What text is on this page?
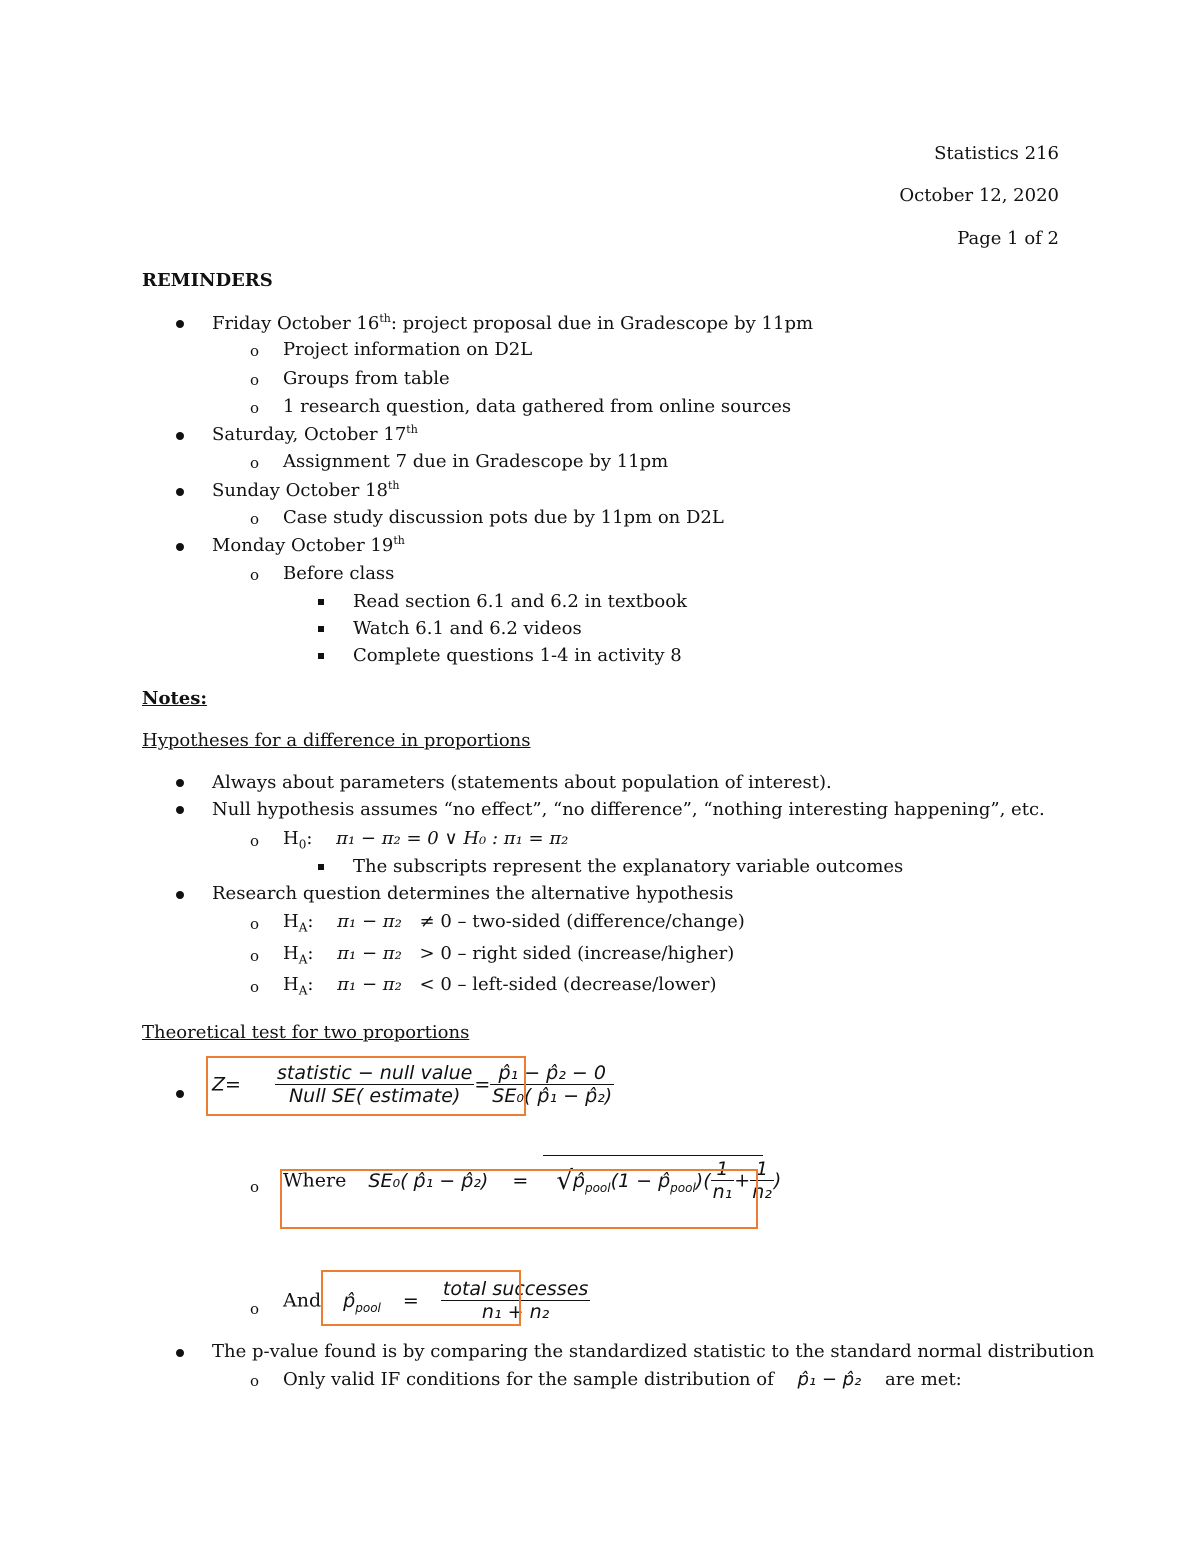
Statistics 216
October 12, 2020
Page 1 of 2
REMINDERS
Friday October 16th: project proposal due in Gradescope by 11pm
o Project information on D2L
o Groups from table
o 1 research question, data gathered from online sources
Saturday, October 17th
o Assignment 7 due in Gradescope by 11pm
Sunday October 18th
o Case study discussion pots due by 11pm on D2L
Monday October 19th
o Before class
Read section 6.1 and 6.2 in textbook
Watch 6.1 and 6.2 videos
Complete questions 1-4 in activity 8
Notes:
Hypotheses for a difference in proportions
Always about parameters (statements about population of interest).
Null hypothesis assumes “no effect”, “no difference”, “nothing interesting happening”, etc.
o $H_0$: π₁ − π₂ = 0 ∨ H₀ : π₁ = π₂
The subscripts represent the explanatory variable outcomes
Research question determines the alternative hypothesis
o $H_A$: π₁ − π₂ ≠ 0 – two-sided (difference/change)
o $H_A$: π₁ − π₂ > 0 – right sided (increase/higher)
o $H_A$: π₁ − π₂ < 0 – left-sided (decrease/lower)
Theoretical test for two proportions
$Z= \frac{\text{statistic − null value}}{\text{Null SE( estimate)}} = \frac{\text{p̂₁ − p̂₂ − 0}}{\text{SE₀( p̂₁ − p̂₂)}}$
o Where SE₀( p̂₁ − p̂₂) = $√p̂_{pool}(1$ − $p̂_{pool})( \frac{1}{\text{n₁}} + \frac{1}{\text{n₂}}$ )
o And $p̂_{pool} = \frac{\text{total successes}}{\text{n₁ + n₂}}$
The p-value found is by comparing the standardized statistic to the standard normal distribution
o Only valid IF conditions for the sample distribution of p̂₁ − p̂₂ are met:
